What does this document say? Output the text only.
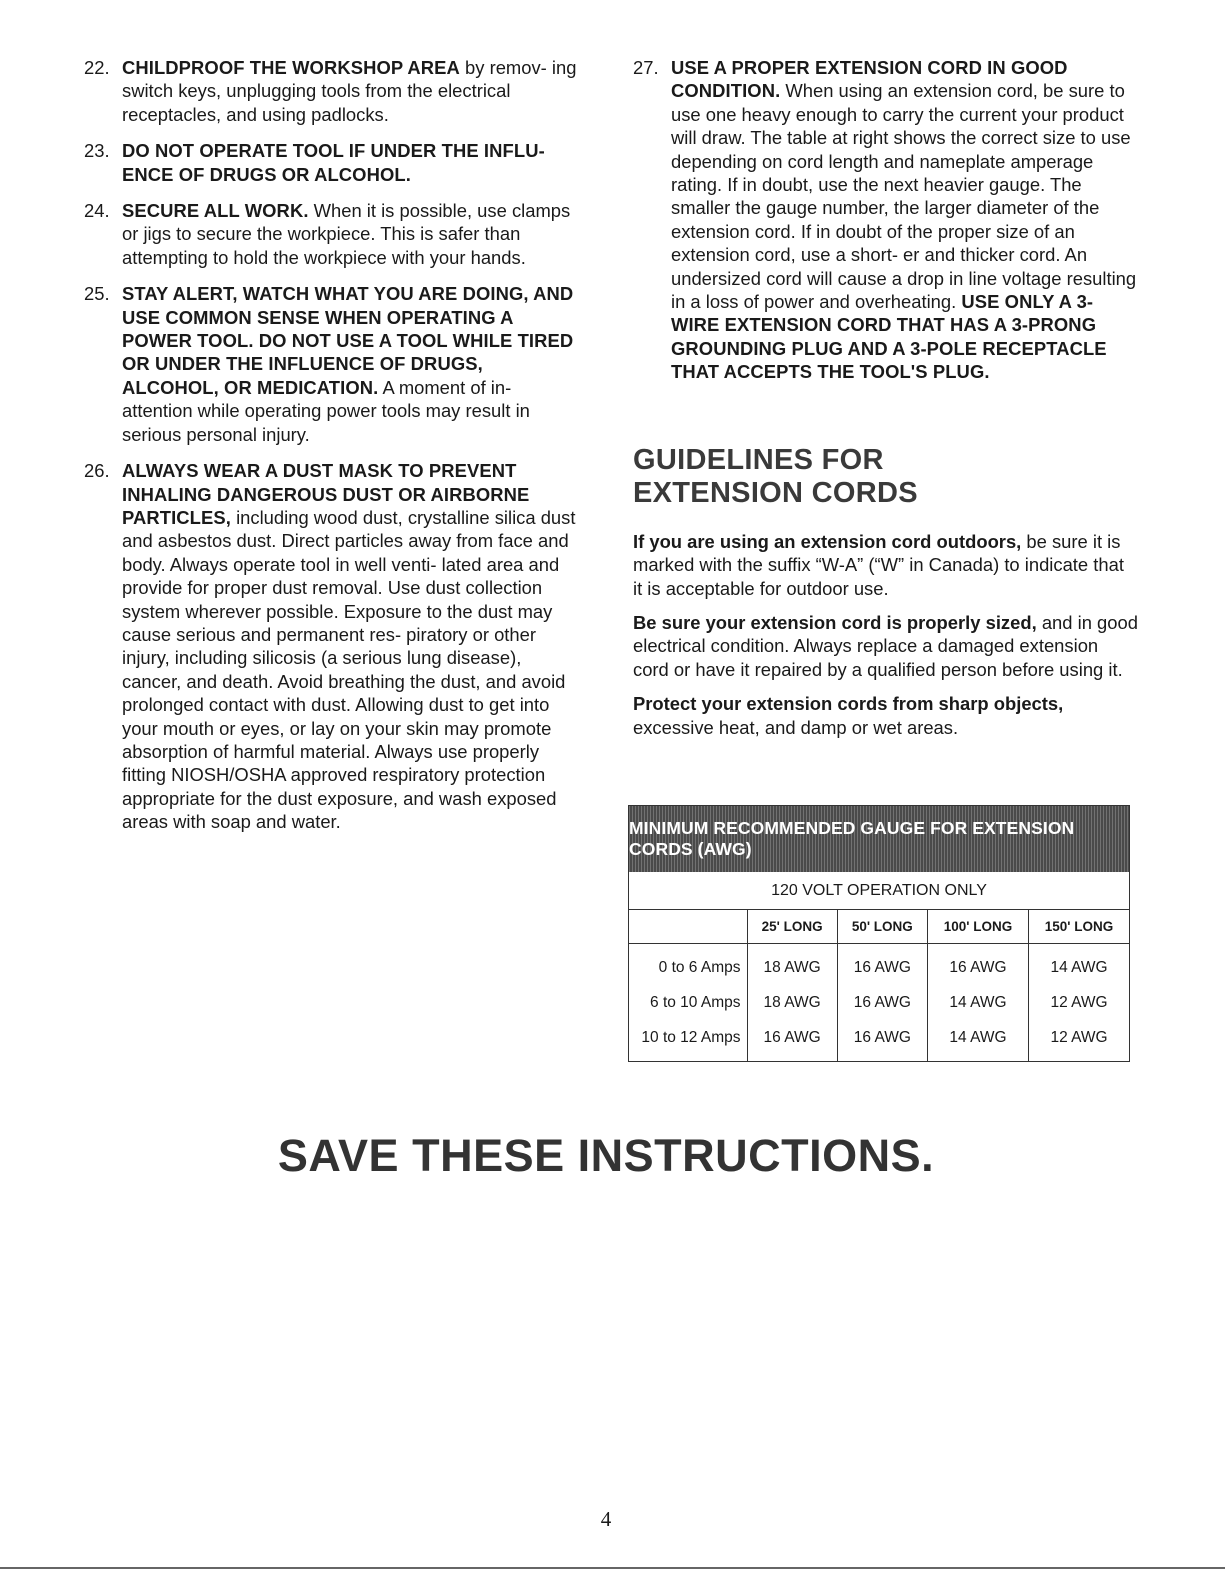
22. CHILDPROOF THE WORKSHOP AREA by remov- ing switch keys, unplugging tools from the electrical receptacles, and using padlocks.
23. DO NOT OPERATE TOOL IF UNDER THE INFLU- ENCE OF DRUGS OR ALCOHOL.
24. SECURE ALL WORK. When it is possible, use clamps or jigs to secure the workpiece. This is safer than attempting to hold the workpiece with your hands.
25. STAY ALERT, WATCH WHAT YOU ARE DOING, AND USE COMMON SENSE WHEN OPERATING A POWER TOOL. DO NOT USE A TOOL WHILE TIRED OR UNDER THE INFLUENCE OF DRUGS, ALCOHOL, OR MEDICATION. A moment of in- attention while operating power tools may result in serious personal injury.
26. ALWAYS WEAR A DUST MASK TO PREVENT INHALING DANGEROUS DUST OR AIRBORNE PARTICLES, including wood dust, crystalline silica dust and asbestos dust. Direct particles away from face and body. Always operate tool in well venti- lated area and provide for proper dust removal. Use dust collection system wherever possible. Exposure to the dust may cause serious and permanent res- piratory or other injury, including silicosis (a serious lung disease), cancer, and death. Avoid breathing the dust, and avoid prolonged contact with dust. Allowing dust to get into your mouth or eyes, or lay on your skin may promote absorption of harmful material. Always use properly fitting NIOSH/OSHA approved respiratory protection appropriate for the dust exposure, and wash exposed areas with soap and water.
27. USE A PROPER EXTENSION CORD IN GOOD CONDITION. When using an extension cord, be sure to use one heavy enough to carry the current your product will draw. The table at right shows the correct size to use depending on cord length and nameplate amperage rating. If in doubt, use the next heavier gauge. The smaller the gauge number, the larger diameter of the extension cord. If in doubt of the proper size of an extension cord, use a short- er and thicker cord. An undersized cord will cause a drop in line voltage resulting in a loss of power and overheating. USE ONLY A 3-WIRE EXTENSION CORD THAT HAS A 3-PRONG GROUNDING PLUG AND A 3-POLE RECEPTACLE THAT ACCEPTS THE TOOL'S PLUG.
GUIDELINES FOR
EXTENSION CORDS
If you are using an extension cord outdoors, be sure it is marked with the suffix “W-A” (“W” in Canada) to indicate that it is acceptable for outdoor use.
Be sure your extension cord is properly sized, and in good electrical condition. Always replace a damaged extension cord or have it repaired by a qualified person before using it.
Protect your extension cords from sharp objects, excessive heat, and damp or wet areas.
MINIMUM RECOMMENDED GAUGE FOR EXTENSION CORDS (AWG)
120 VOLT OPERATION ONLY
	25' LONG	50' LONG	100' LONG	150' LONG
0 to 6 Amps	18 AWG	16 AWG	16 AWG	14 AWG
6 to 10 Amps	18 AWG	16 AWG	14 AWG	12 AWG
10 to 12 Amps	16 AWG	16 AWG	14 AWG	12 AWG
SAVE THESE INSTRUCTIONS.
4
